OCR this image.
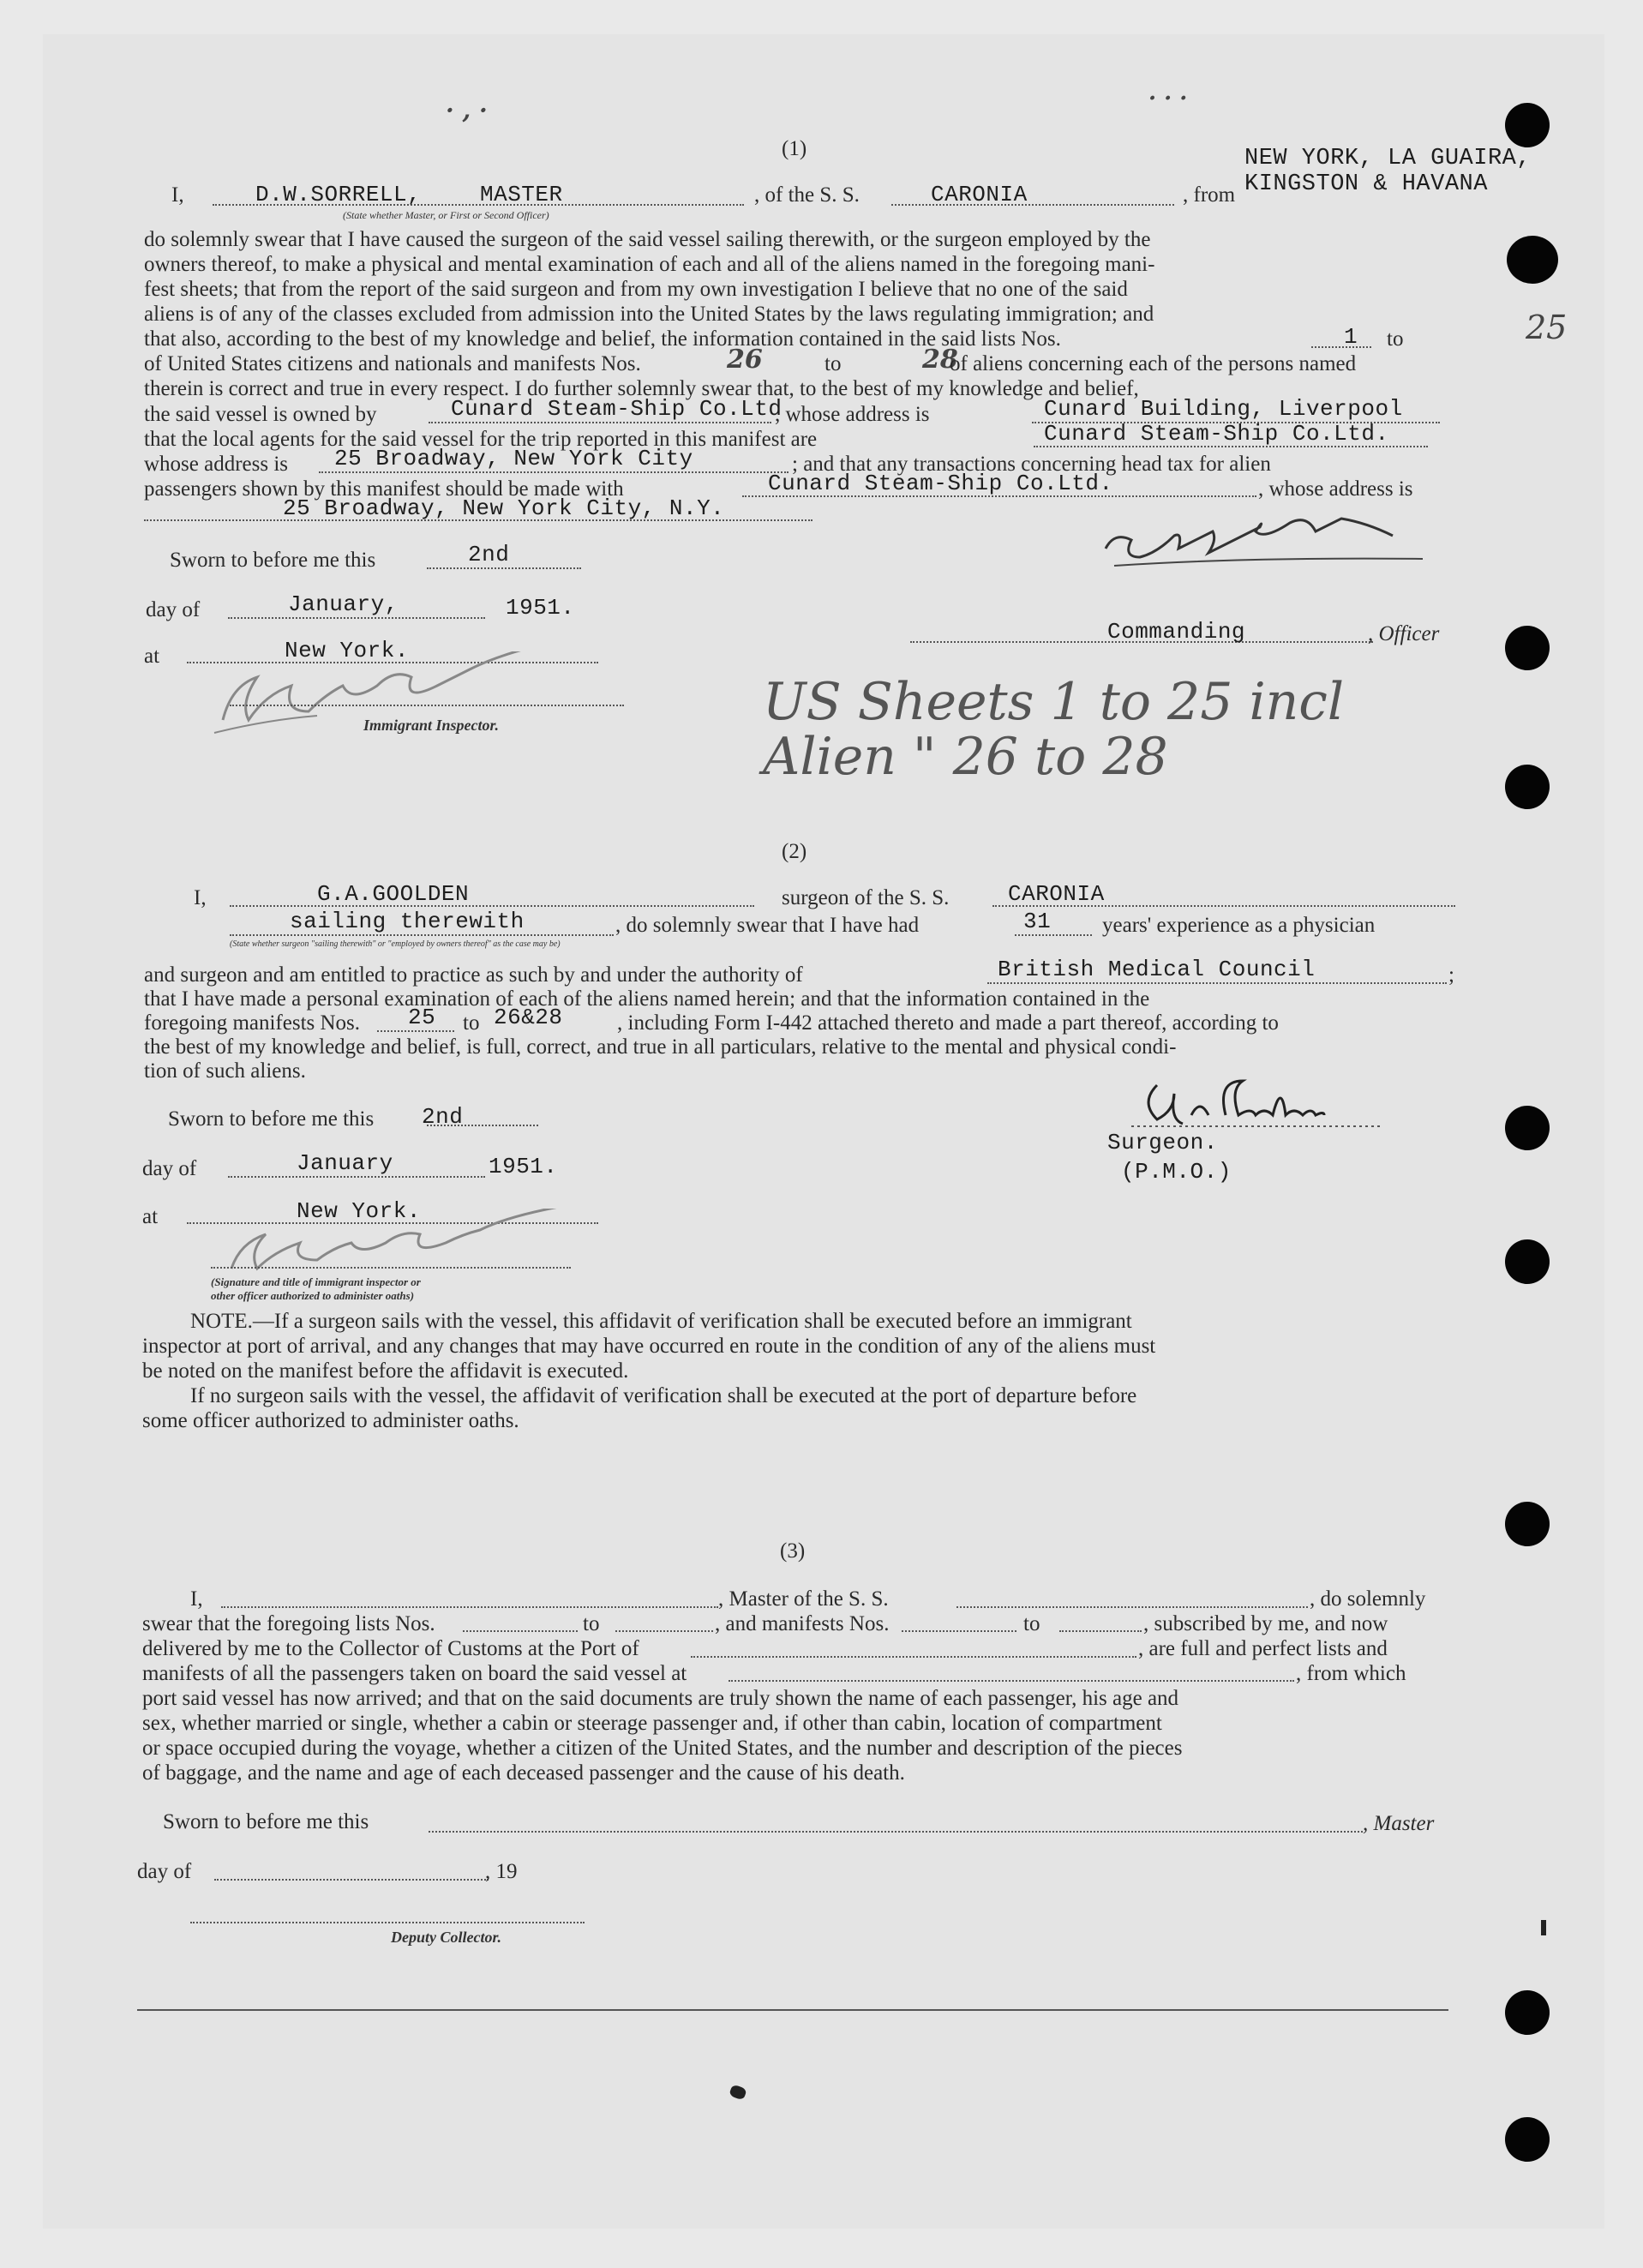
· , ·	· · ·
(1)
I,	D.W.SORRELL,	MASTER
(State whether Master, or First or Second Officer)
, of the S. S.	CARONIA	, from
NEW YORK, LA GUAIRA,
KINGSTON & HAVANA
do solemnly swear that I have caused the surgeon of the said vessel sailing therewith, or the surgeon employed by the
owners thereof, to make a physical and mental examination of each and all of the aliens named in the foregoing mani-
fest sheets; that from the report of the said surgeon and from my own investigation I believe that no one of the said
aliens is of any of the classes excluded from admission into the United States by the laws regulating immigration; and
that also, according to the best of my knowledge and belief, the information contained in the said lists Nos.	1 to	25
of United States citizens and nationals and manifests Nos.	26	to	28
of aliens concerning each of the persons named
therein is correct and true in every respect. I do further solemnly swear that, to the best of my knowledge and belief,
the said vessel is owned by	Cunard Steam-Ship Co.Ltd
, whose address is	Cunard Building, Liverpool
that the local agents for the said vessel for the trip reported in this manifest are	Cunard Steam-Ship Co.Ltd.
whose address is 25 Broadway, New York City	; and that any transactions concerning head tax for alien
passengers shown by this manifest should be made with	Cunard Steam-Ship Co.Ltd.	, whose address is
25 Broadway, New York City, N.Y.
Sworn to before me this	2nd
day of	January,	1951.
at	New York.
Commanding	, Officer
Immigrant Inspector.	US Sheets 1 to 25 incl
Alien " 26 to 28
(2)
I,	G.A.GOOLDEN	surgeon of the S. S.	CARONIA
sailing therewith	, do solemnly swear that I have had	31 years' experience as a physician
(State whether surgeon "sailing therewith" or "employed by owners thereof" as the case may be)
and surgeon and am entitled to practice as such by and under the authority of	British Medical Council	;
that I have made a personal examination of each of the aliens named herein; and that the information contained in the
foregoing manifests Nos. 25 to 26&28	, including Form I-442 attached thereto and made a part thereof, according to
the best of my knowledge and belief, is full, correct, and true in all particulars, relative to the mental and physical condi-
tion of such aliens.
Sworn to before me this 2nd
Surgeon.
(P.M.O.)
day of	January	1951.
at	New York.
(Signature and title of immigrant inspector or
other officer authorized to administer oaths)
NOTE.—If a surgeon sails with the vessel, this affidavit of verification shall be executed before an immigrant
inspector at port of arrival, and any changes that may have occurred en route in the condition of any of the aliens must
be noted on the manifest before the affidavit is executed.
If no surgeon sails with the vessel, the affidavit of verification shall be executed at the port of departure before
some officer authorized to administer oaths.
(3)
I,	, Master of the S. S.	, do solemnly
swear that the foregoing lists Nos.	to	, and manifests Nos.	to	, subscribed by me, and now
delivered by me to the Collector of Customs at the Port of	, are full and perfect lists and
manifests of all the passengers taken on board the said vessel at	, from which
port said vessel has now arrived; and that on the said documents are truly shown the name of each passenger, his age and
sex, whether married or single, whether a cabin or steerage passenger and, if other than cabin, location of compartment
or space occupied during the voyage, whether a citizen of the United States, and the number and description of the pieces
of baggage, and the name and age of each deceased passenger and the cause of his death.
Sworn to before me this	, Master
day of	, 19
Deputy Collector.
